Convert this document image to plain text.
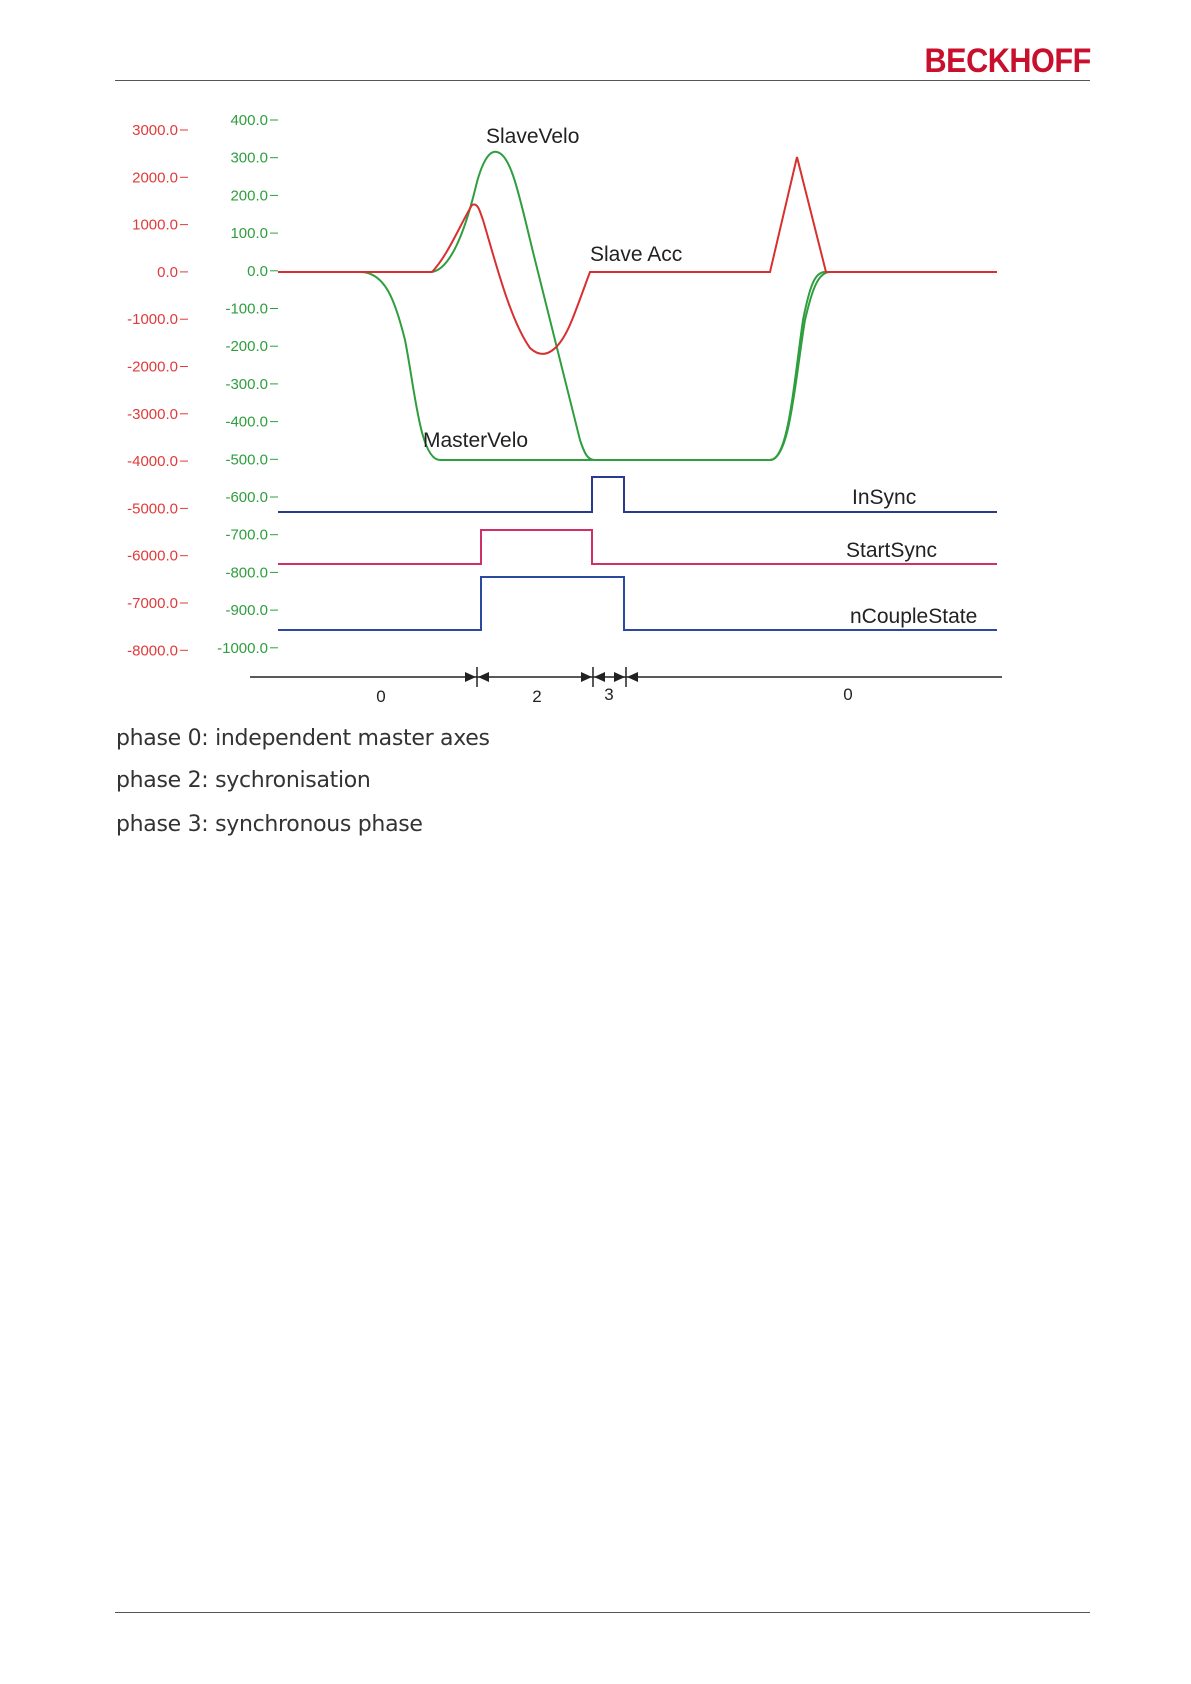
BECKHOFF
3000.0
2000.0
1000.0
0.0
-1000.0
-2000.0
-3000.0
-4000.0
-5000.0
-6000.0
-7000.0
-8000.0
400.0
300.0
200.0
100.0
0.0
-100.0
-200.0
-300.0
-400.0
-500.0
-600.0
-700.0
-800.0
-900.0
-1000.0
SlaveVelo
Slave Acc
MasterVelo
InSync
StartSync
nCoupleState
0	2	3	0
phase 0: independent master axes
phase 2: sychronisation
phase 3: synchronous phase
